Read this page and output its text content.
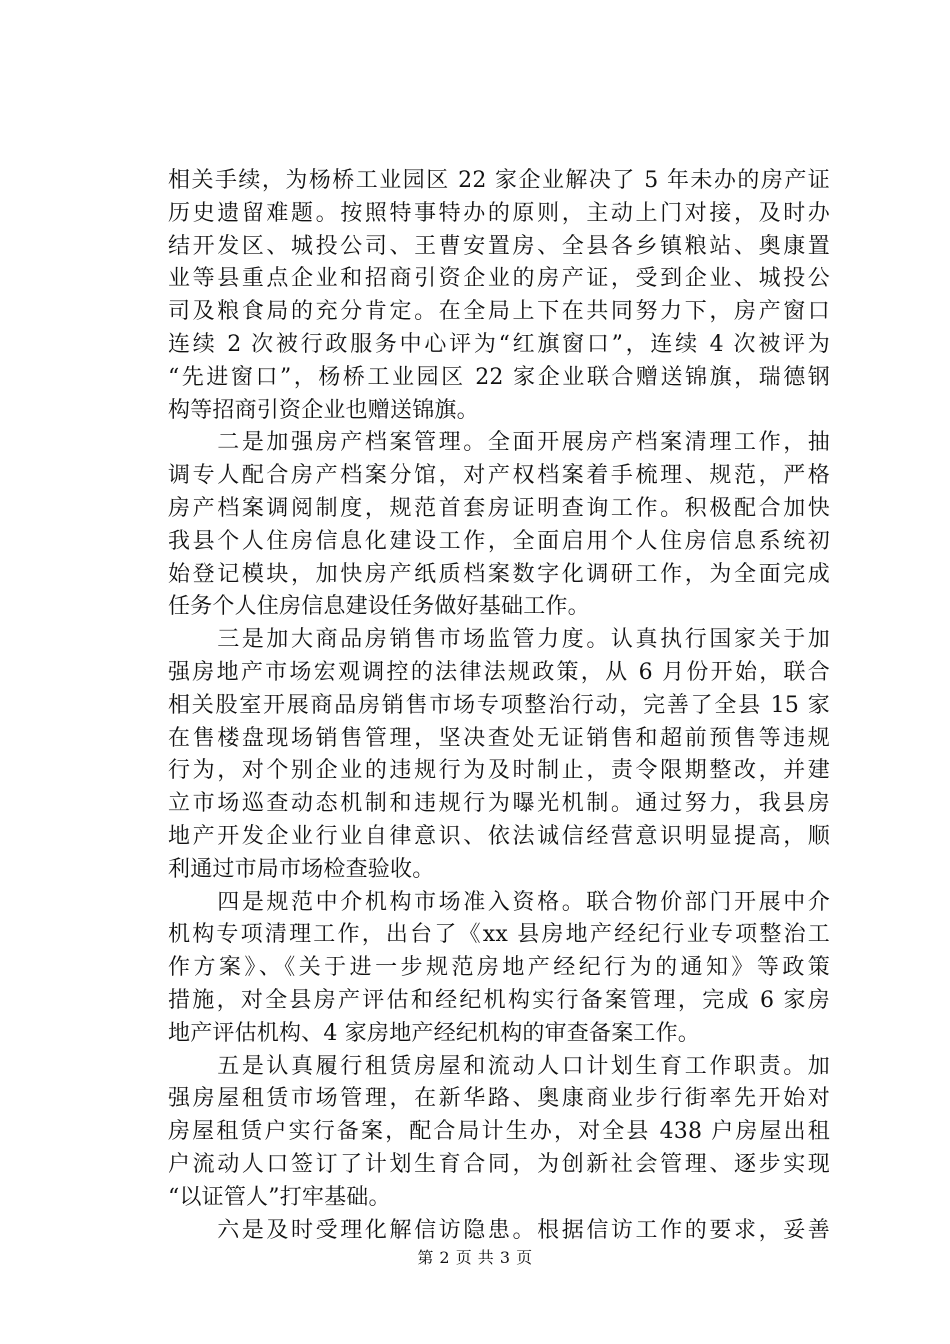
相关手续，为杨桥工业园区 22 家企业解决了 5 年未办的房产证
历史遗留难题。按照特事特办的原则，主动上门对接，及时办
结开发区、城投公司、王曹安置房、全县各乡镇粮站、奥康置
业等县重点企业和招商引资企业的房产证，受到企业、城投公
司及粮食局的充分肯定。在全局上下在共同努力下，房产窗口
连续 2 次被行政服务中心评为“红旗窗口”，连续 4 次被评为
“先进窗口”，杨桥工业园区 22 家企业联合赠送锦旗，瑞德钢
构等招商引资企业也赠送锦旗。
　　二是加强房产档案管理。全面开展房产档案清理工作，抽
调专人配合房产档案分馆，对产权档案着手梳理、规范，严格
房产档案调阅制度，规范首套房证明查询工作。积极配合加快
我县个人住房信息化建设工作，全面启用个人住房信息系统初
始登记模块，加快房产纸质档案数字化调研工作，为全面完成
任务个人住房信息建设任务做好基础工作。
　　三是加大商品房销售市场监管力度。认真执行国家关于加
强房地产市场宏观调控的法律法规政策，从 6 月份开始，联合
相关股室开展商品房销售市场专项整治行动，完善了全县 15 家
在售楼盘现场销售管理，坚决查处无证销售和超前预售等违规
行为，对个别企业的违规行为及时制止，责令限期整改，并建
立市场巡查动态机制和违规行为曝光机制。通过努力，我县房
地产开发企业行业自律意识、依法诚信经营意识明显提高，顺
利通过市局市场检查验收。
　　四是规范中介机构市场准入资格。联合物价部门开展中介
机构专项清理工作，出台了《xx 县房地产经纪行业专项整治工
作方案》、《关于进一步规范房地产经纪行为的通知》等政策
措施，对全县房产评估和经纪机构实行备案管理，完成 6 家房
地产评估机构、4 家房地产经纪机构的审查备案工作。
　　五是认真履行租赁房屋和流动人口计划生育工作职责。加
强房屋租赁市场管理，在新华路、奥康商业步行街率先开始对
房屋租赁户实行备案，配合局计生办，对全县 438 户房屋出租
户流动人口签订了计划生育合同，为创新社会管理、逐步实现
“以证管人”打牢基础。
　　六是及时受理化解信访隐患。根据信访工作的要求，妥善
第 2 页 共 3 页
